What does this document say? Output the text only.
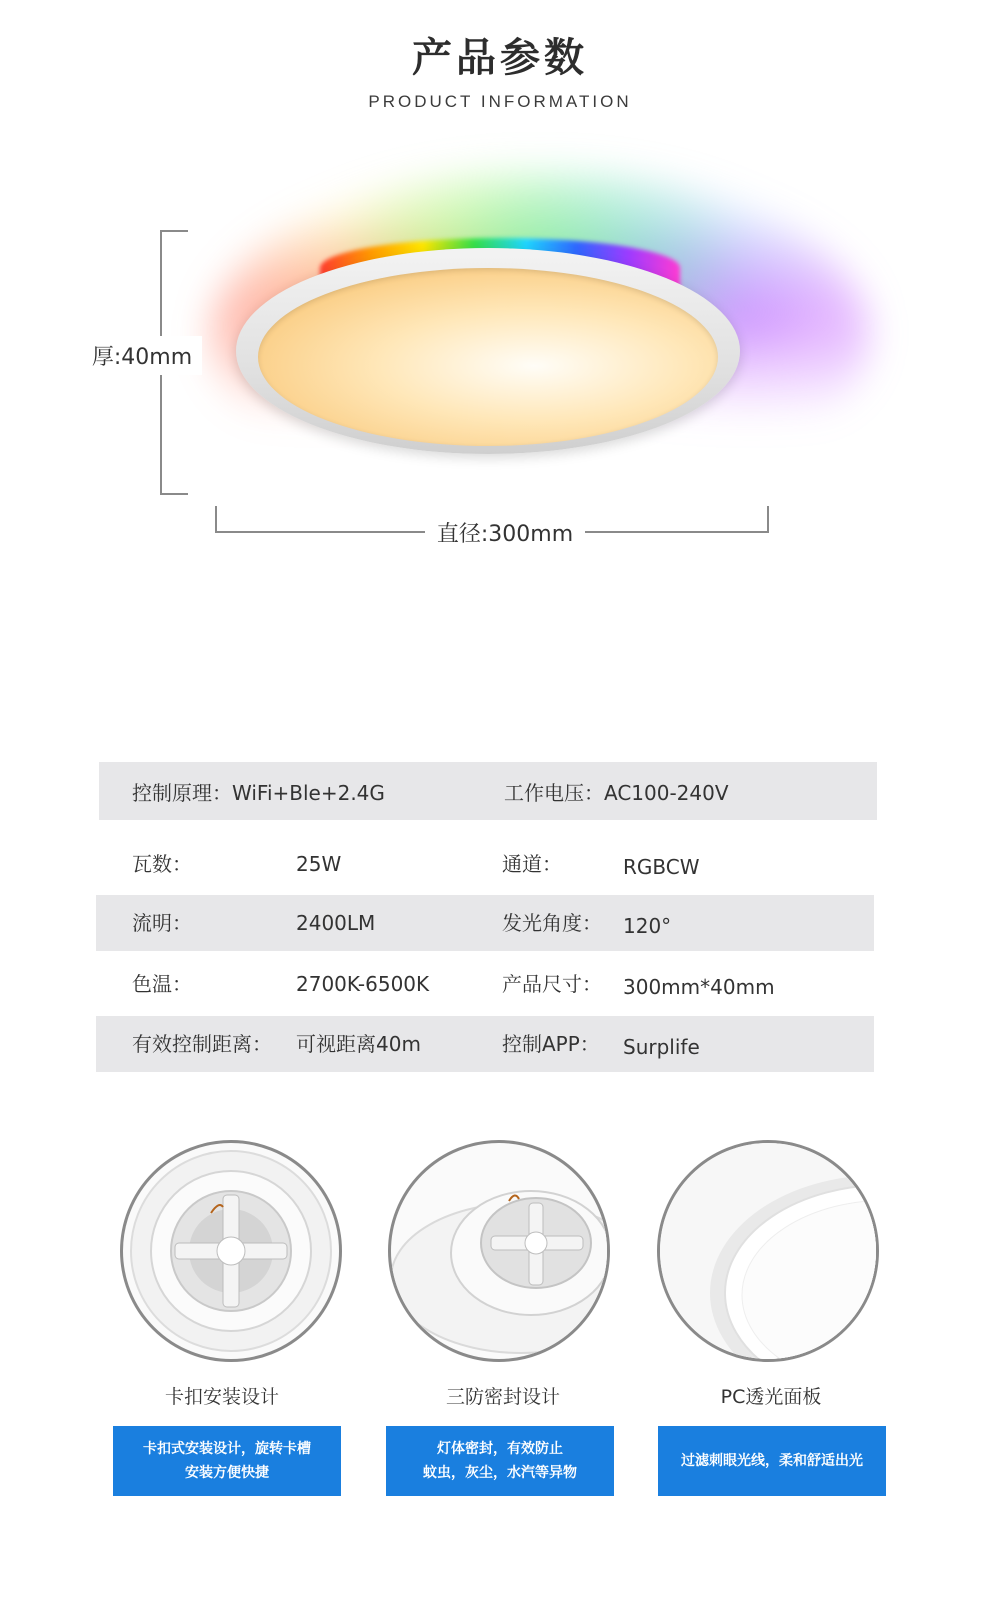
产品参数
PRODUCT INFORMATION
厚:40mm
直径:300mm
控制原理：WiFi+Ble+2.4G	工作电压：AC100-240V
瓦数：	25W	通道：	RGBCW
流明：	2400LM	发光角度： 120°
色温：	2700K-6500K	产品尺寸： 300mm*40mm
有效控制距离： 可视距离40m	控制APP： Surplife
卡扣安装设计
卡扣式安装设计，旋转卡槽
安装方便快捷
三防密封设计
灯体密封，有效防止
蚊虫，灰尘，水汽等异物
PC透光面板
过滤刺眼光线，柔和舒适出光
